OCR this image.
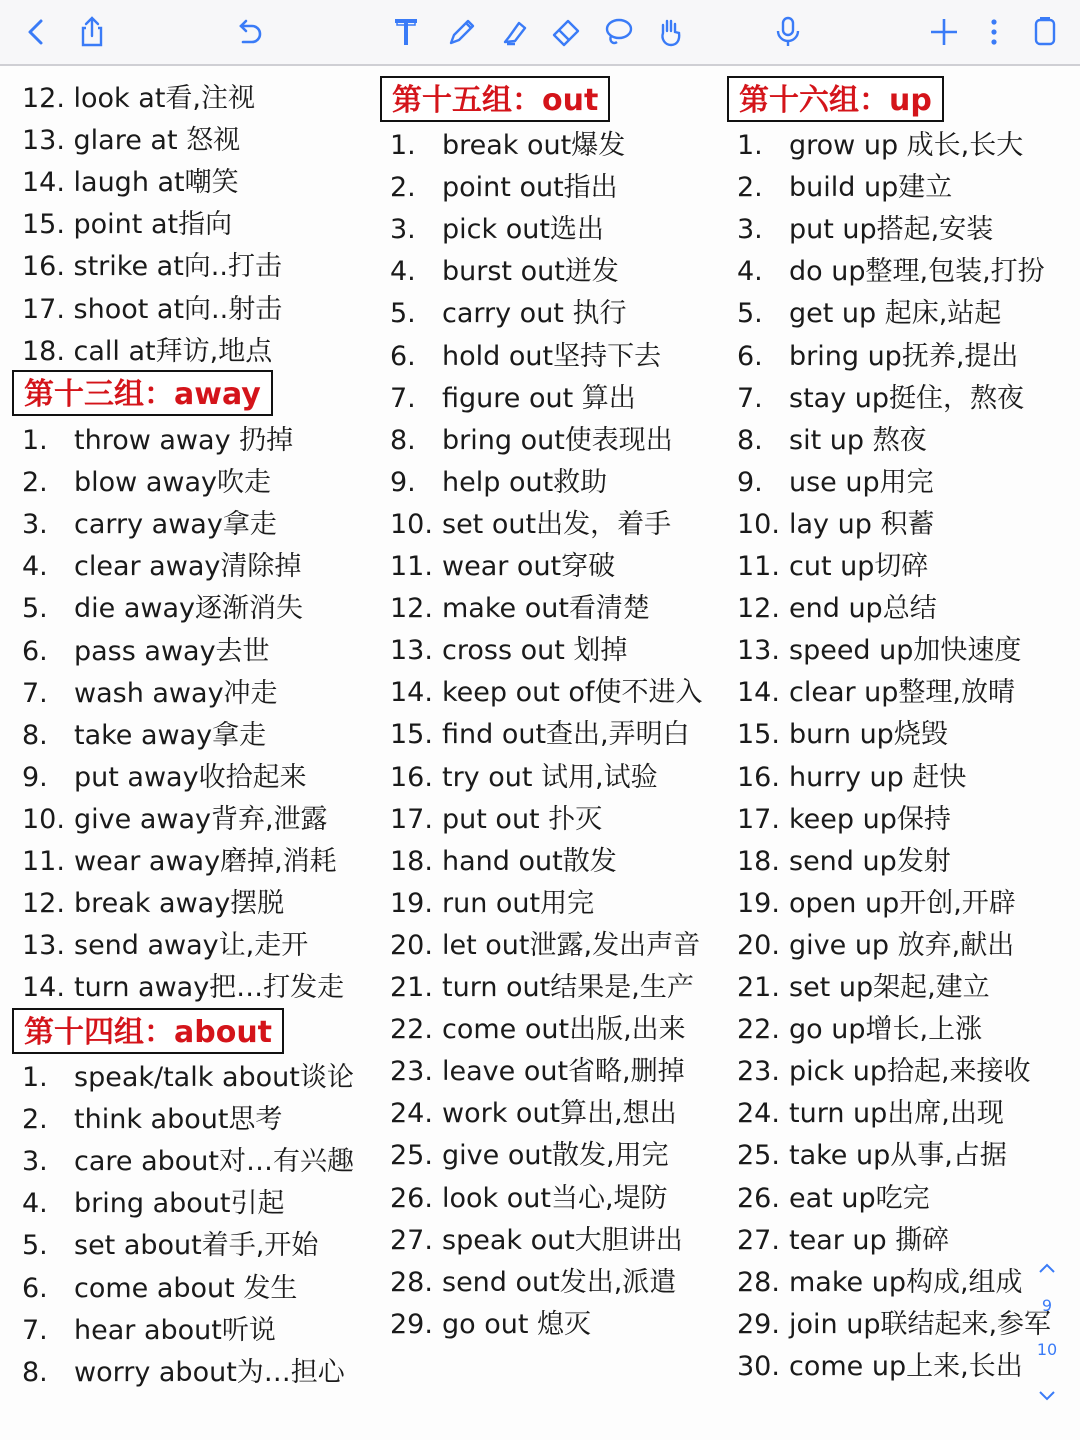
12. look at看,注视
13. glare at 怒视
14. laugh at嘲笑
15. point at指向
16. strike at向..打击
17. shoot at向..射击
18. call at拜访,地点
第十三组：away
1. throw away 扔掉
2. blow away吹走
3. carry away拿走
4. clear away清除掉
5. die away逐渐消失
6. pass away去世
7. wash away冲走
8. take away拿走
9. put away收拾起来
10. give away背弃,泄露
11. wear away磨掉,消耗
12. break away摆脱
13. send away让,走开
14. turn away把…打发走
第十四组：about
1. speak/talk about谈论
2. think about思考
3. care about对…有兴趣
4. bring about引起
5. set about着手,开始
6. come about 发生
7. hear about听说
8. worry about为…担心
第十五组：out
1. break out爆发
2. point out指出
3. pick out选出
4. burst out迸发
5. carry out 执行
6. hold out坚持下去
7. figure out 算出
8. bring out使表现出
9. help out救助
10. set out出发，着手
11. wear out穿破
12. make out看清楚
13. cross out 划掉
14. keep out of使不进入
15. find out查出,弄明白
16. try out 试用,试验
17. put out 扑灭
18. hand out散发
19. run out用完
20. let out泄露,发出声音
21. turn out结果是,生产
22. come out出版,出来
23. leave out省略,删掉
24. work out算出,想出
25. give out散发,用完
26. look out当心,堤防
27. speak out大胆讲出
28. send out发出,派遣
29. go out 熄灭
第十六组：up
1. grow up 成长,长大
2. build up建立
3. put up搭起,安装
4. do up整理,包装,打扮
5. get up 起床,站起
6. bring up抚养,提出
7. stay up挺住，熬夜
8. sit up 熬夜
9. use up用完
10. lay up 积蓄
11. cut up切碎
12. end up总结
13. speed up加快速度
14. clear up整理,放晴
15. burn up烧毁
16. hurry up 赶快
17. keep up保持
18. send up发射
19. open up开创,开辟
20. give up 放弃,献出
21. set up架起,建立
22. go up增长,上涨
23. pick up拾起,来接收
24. turn up出席,出现
25. take up从事,占据
26. eat up吃完
27. tear up 撕碎
28. make up构成,组成
29. join up联结起来,参军
30. come up上来,长出
9
10
